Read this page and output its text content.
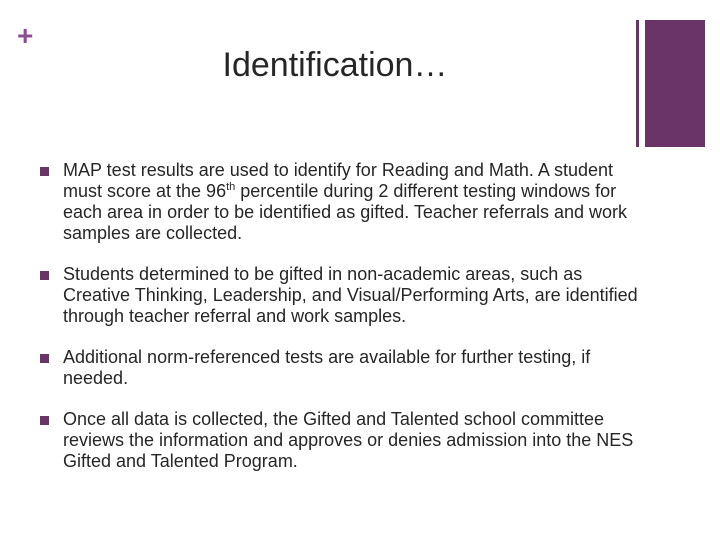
+
Identification…
MAP test results are used to identify for Reading and Math. A student must score at the 96th percentile during 2 different testing windows for each area in order to be identified as gifted. Teacher referrals and work samples are collected.
Students determined to be gifted in non-academic areas, such as Creative Thinking, Leadership, and Visual/Performing Arts, are identified through teacher referral and work samples.
Additional norm-referenced tests are available for further testing, if needed.
Once all data is collected, the Gifted and Talented school committee reviews the information and approves or denies admission into the NES Gifted and Talented Program.
